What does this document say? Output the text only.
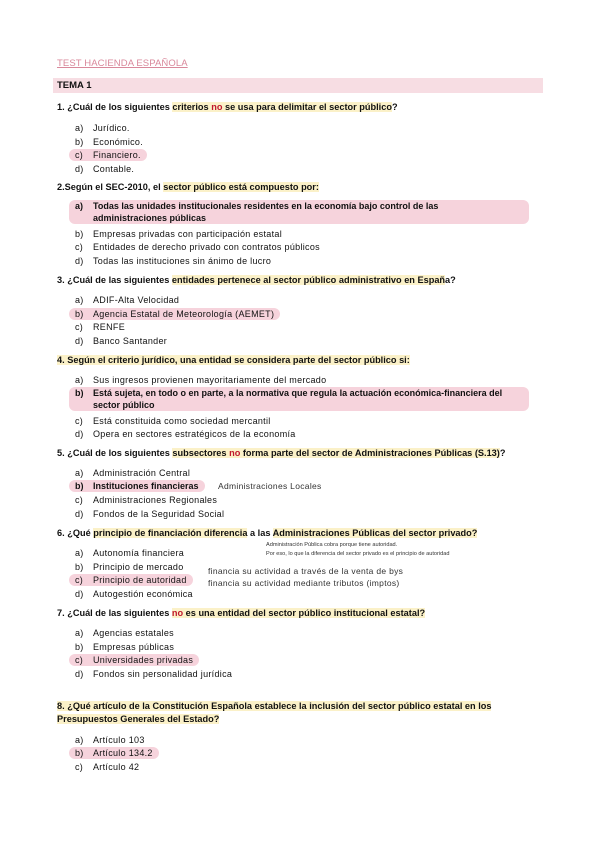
TEST HACIENDA ESPAÑOLA
TEMA 1
1. ¿Cuál de los siguientes criterios no se usa para delimitar el sector público?
a) Jurídico.
b) Económico.
c) Financiero.
d) Contable.
2.Según el SEC-2010, el sector público está compuesto por:
a) Todas las unidades institucionales residentes en la economía bajo control de las administraciones públicas
b) Empresas privadas con participación estatal
c) Entidades de derecho privado con contratos públicos
d) Todas las instituciones sin ánimo de lucro
3. ¿Cuál de las siguientes entidades pertenece al sector público administrativo en España?
a) ADIF-Alta Velocidad
b) Agencia Estatal de Meteorología (AEMET)
c) RENFE
d) Banco Santander
4. Según el criterio jurídico, una entidad se considera parte del sector público si:
a) Sus ingresos provienen mayoritariamente del mercado
b) Está sujeta, en todo o en parte, a la normativa que regula la actuación económica-financiera del sector público
c) Está constituida como sociedad mercantil
d) Opera en sectores estratégicos de la economía
5. ¿Cuál de los siguientes subsectores no forma parte del sector de Administraciones Públicas (S.13)?
a) Administración Central
b) Instituciones financieras	Administraciones Locales
c) Administraciones Regionales
d) Fondos de la Seguridad Social
6. ¿Qué principio de financiación diferencia a las Administraciones Públicas del sector privado?
Administración Pública cobra porque tiene autoridad.
Por eso, lo que la diferencia del sector privado es el principio de autoridad
a) Autonomía financiera
b) Principio de mercado	financia su actividad a través de la venta de bys
c) Principio de autoridad	financia su actividad mediante tributos (imptos)
d) Autogestión económica
7. ¿Cuál de las siguientes no es una entidad del sector público institucional estatal?
a) Agencias estatales
b) Empresas públicas
c) Universidades privadas
d) Fondos sin personalidad jurídica
8. ¿Qué artículo de la Constitución Española establece la inclusión del sector público estatal en los
Presupuestos Generales del Estado?
a) Artículo 103
b) Artículo 134.2
c) Artículo 42
